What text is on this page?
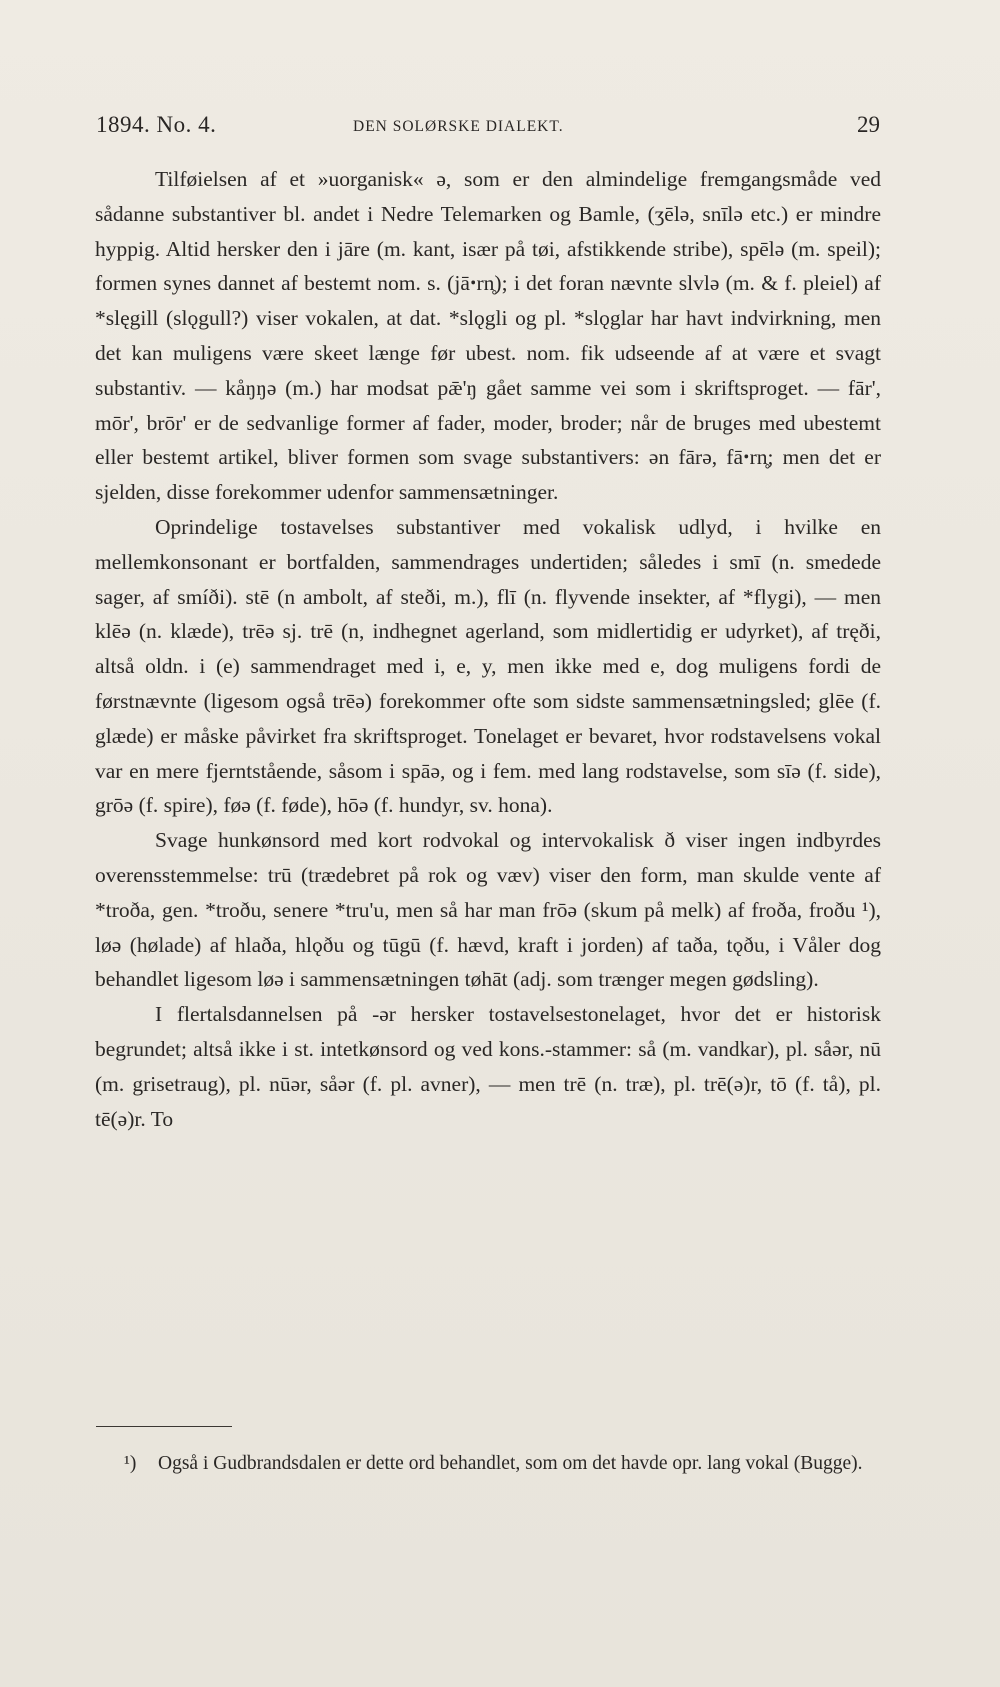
1894. No. 4.	DEN SOLØRSKE DIALEKT.	29

Tilføielsen af et »uorganisk« ə, som er den almindelige fremgangsmåde ved sådanne substantiver bl. andet i Nedre Telemarken og Bamle, (ʒēlə, snīlə etc.) er mindre hyppig. Altid hersker den i jāre (m. kant, især på tøi, afstikkende stribe), spēlə (m. speil); formen synes dannet af bestemt nom. s. (jāꞏrn̥); i det foran nævnte slvlə (m. & f. pleiel) af *slęgill (slǫgull?) viser vokalen, at dat. *slǫgli og pl. *slǫglar har havt indvirkning, men det kan muligens være skeet længe før ubest. nom. fik udseende af at være et svagt substantiv. — kåŋŋə (m.) har modsat pǣ'ŋ gået samme vei som i skriftsproget. — fār', mōr', brōr' er de sedvanlige former af fader, moder, broder; når de bruges med ubestemt eller bestemt artikel, bliver formen som svage substantivers: ən fārə, fāꞏrn̥; men det er sjelden, disse forekommer udenfor sammensætninger.

Oprindelige tostavelses substantiver med vokalisk udlyd, i hvilke en mellemkonsonant er bortfalden, sammendrages undertiden; således i smī (n. smedede sager, af smíði). stē (n ambolt, af steði, m.), flī (n. flyvende insekter, af *flygi), — men klēə (n. klæde), trēə sj. trē (n, indhegnet agerland, som midlertidig er udyrket), af tręði, altså oldn. i (e) sammendraget med i, e, y, men ikke med e, dog muligens fordi de førstnævnte (ligesom også trēə) forekommer ofte som sidste sammensætningsled; glēe (f. glæde) er måske påvirket fra skriftsproget. Tonelaget er bevaret, hvor rodstavelsens vokal var en mere fjerntstående, såsom i spāə, og i fem. med lang rodstavelse, som sīə (f. side), grōə (f. spire), føə (f. føde), hōə (f. hundyr, sv. hona).

Svage hunkønsord med kort rodvokal og intervokalisk ð viser ingen indbyrdes overensstemmelse: trū (trædebret på rok og væv) viser den form, man skulde vente af *troða, gen. *troðu, senere *tru'u, men så har man frōə (skum på melk) af froða, froðu ¹), løə (hølade) af hlaða, hlǫðu og tūgū (f. hævd, kraft i jorden) af taða, tǫðu, i Våler dog behandlet ligesom løə i sammensætningen tøhāt (adj. som trænger megen gødsling).

I flertalsdannelsen på -ər hersker tostavelsestonelaget, hvor det er historisk begrundet; altså ikke i st. intetkønsord og ved kons.-stammer: så (m. vandkar), pl. såər, nū (m. grisetraug), pl. nūər, såər (f. pl. avner), — men trē (n. træ), pl. trē(ə)r, tō (f. tå), pl. tē(ə)r. To

¹) Også i Gudbrandsdalen er dette ord behandlet, som om det havde opr. lang vokal (Bugge).
